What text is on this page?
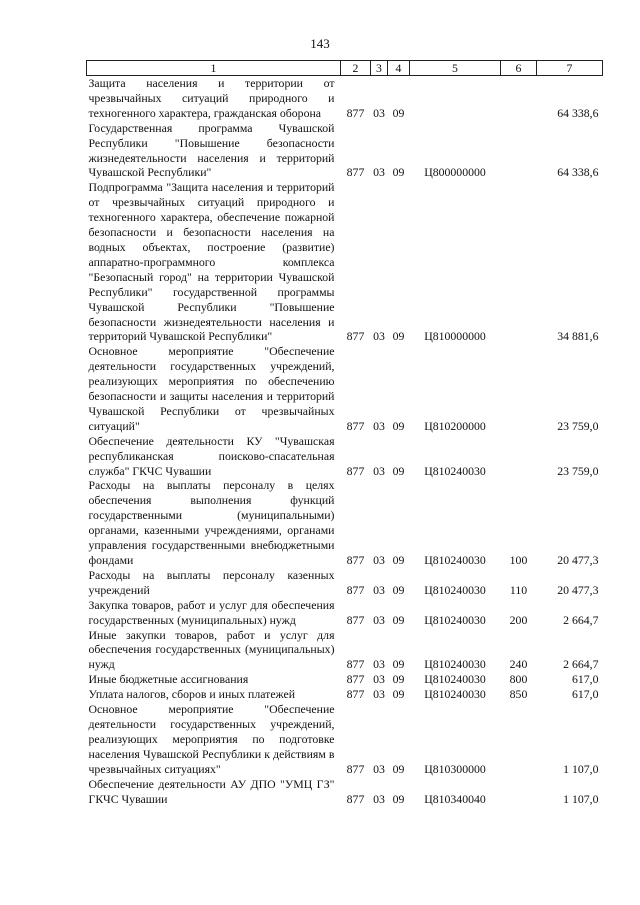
143
1	2	3	4	5	6	7
Защита населения и территории от чрезвычайных ситуаций природного и техногенного характера, гражданская оборона	877	03	09			64 338,6
Государственная программа Чувашской Республики "Повышение безопасности жизнедеятельности населения и территорий Чувашской Республики"	877	03	09	Ц800000000		64 338,6
Подпрограмма "Защита населения и территорий от чрезвычайных ситуаций природного и техногенного характера, обеспечение пожарной безопасности и безопасности населения на водных объектах, построение (развитие) аппаратно-программного комплекса "Безопасный город" на территории Чувашской Республики" государственной программы Чувашской Республики "Повышение безопасности жизнедеятельности населения и территорий Чувашской Республики"	877	03	09	Ц810000000		34 881,6
Основное мероприятие "Обеспечение деятельности государственных учреждений, реализующих мероприятия по обеспечению безопасности и защиты населения и территорий Чувашской Республики от чрезвычайных ситуаций"	877	03	09	Ц810200000		23 759,0
Обеспечение деятельности КУ "Чувашская республиканская поисково-спасательная служба" ГКЧС Чувашии	877	03	09	Ц810240030		23 759,0
Расходы на выплаты персоналу в целях обеспечения выполнения функций государственными (муниципальными) органами, казенными учреждениями, органами управления государственными внебюджетными фондами	877	03	09	Ц810240030	100	20 477,3
Расходы на выплаты персоналу казенных учреждений	877	03	09	Ц810240030	110	20 477,3
Закупка товаров, работ и услуг для обеспечения государственных (муниципальных) нужд	877	03	09	Ц810240030	200	2 664,7
Иные закупки товаров, работ и услуг для обеспечения государственных (муниципальных) нужд	877	03	09	Ц810240030	240	2 664,7
Иные бюджетные ассигнования	877	03	09	Ц810240030	800	617,0
Уплата налогов, сборов и иных платежей	877	03	09	Ц810240030	850	617,0
Основное мероприятие "Обеспечение деятельности государственных учреждений, реализующих мероприятия по подготовке населения Чувашской Республики к действиям в чрезвычайных ситуациях"	877	03	09	Ц810300000		1 107,0
Обеспечение деятельности АУ ДПО "УМЦ ГЗ" ГКЧС Чувашии	877	03	09	Ц810340040		1 107,0
